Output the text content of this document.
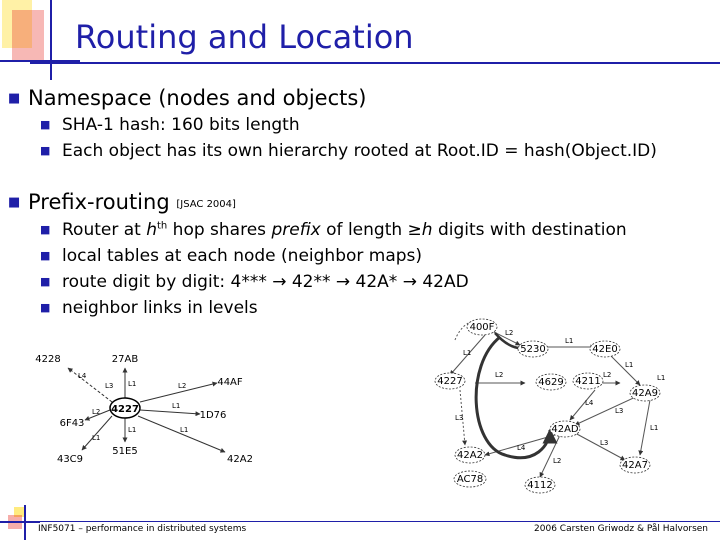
Routing and Location
■ Namespace (nodes and objects)
■ SHA-1 hash: 160 bits length
■ Each object has its own hierarchy rooted at Root.ID = hash(Object.ID)
■ Prefix-routing [JSAC 2004]
■ Router at $h^{th}$ hop shares prefix of length ≥h digits with destination
■ local tables at each node (neighbor maps)
■ route digit by digit: 4*** → 42** → 42A* → 42AD
■ neighbor links in levels
4227
27AB
44AF
1D76
42A2
51E5
43C9
6F43
4228
L1	L2
L1
L1
L1
L1
L2
L3
L4
400F
5230	42E0
4227	4629 4211
42A9
42AD
42A2
AC78
4112
42A7
L1
L2
L1
L2
L1
L3
L2
L4
L3
L1
L4
L3
L2
L1
INF5071 – performance in distributed systems	2006 Carsten Griwodz & Pål Halvorsen
